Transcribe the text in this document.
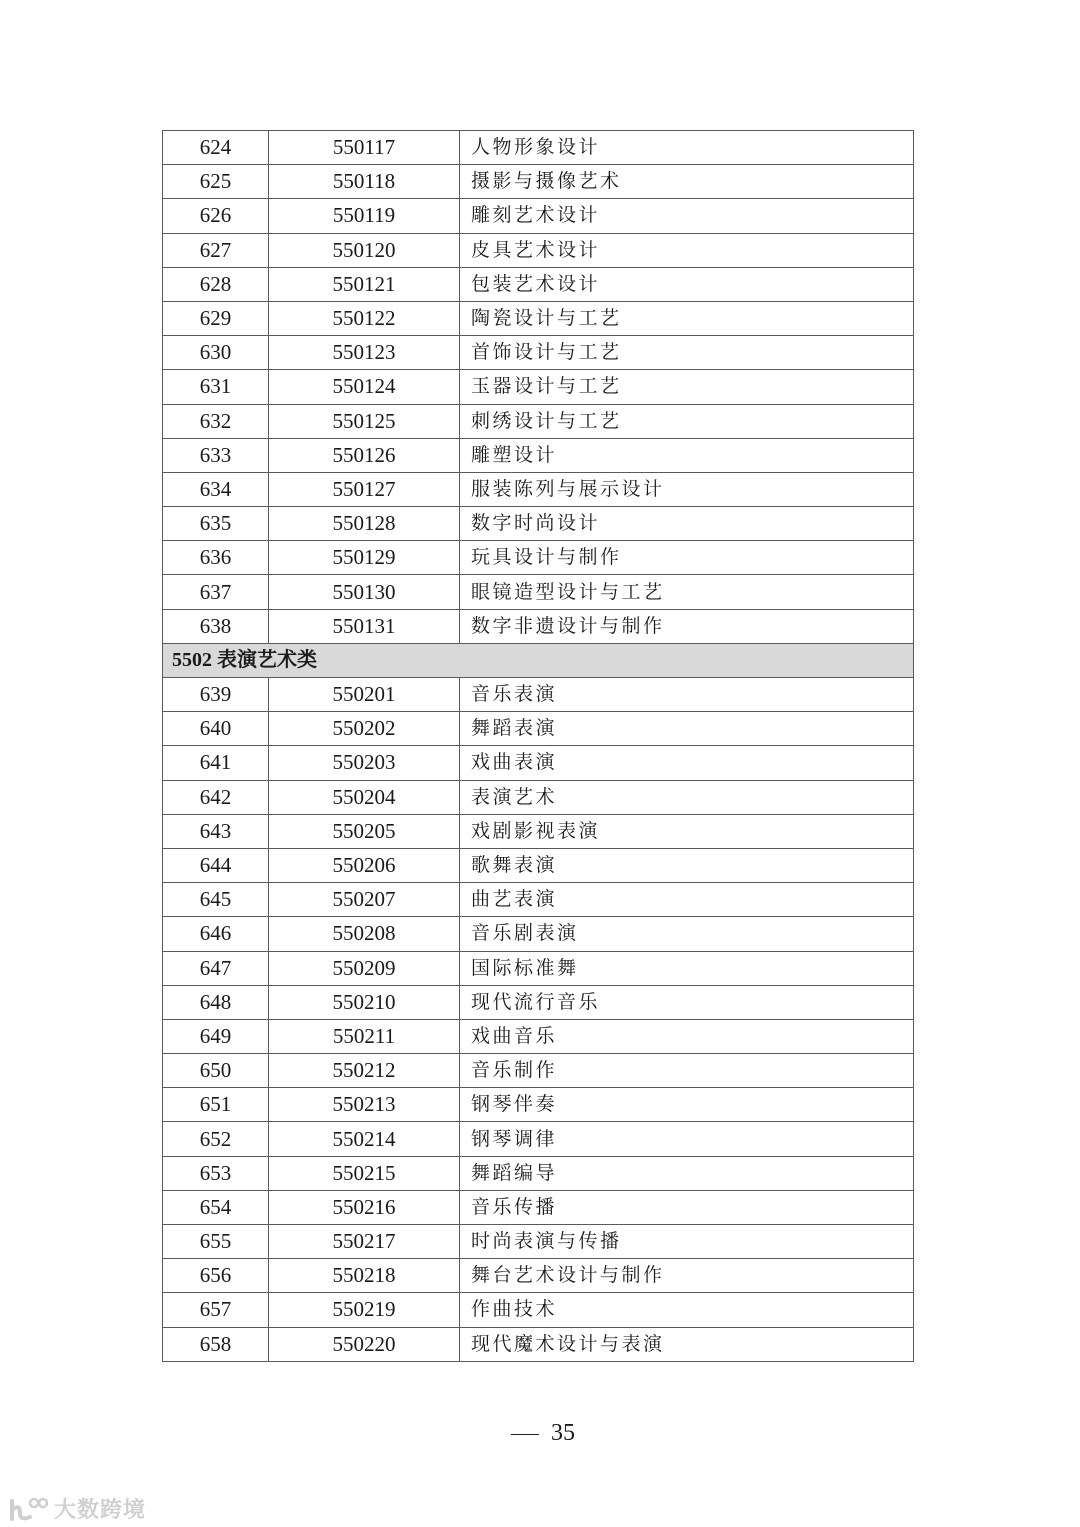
624	550117	人物形象设计
625	550118	摄影与摄像艺术
626	550119	雕刻艺术设计
627	550120	皮具艺术设计
628	550121	包装艺术设计
629	550122	陶瓷设计与工艺
630	550123	首饰设计与工艺
631	550124	玉器设计与工艺
632	550125	刺绣设计与工艺
633	550126	雕塑设计
634	550127	服装陈列与展示设计
635	550128	数字时尚设计
636	550129	玩具设计与制作
637	550130	眼镜造型设计与工艺
638	550131	数字非遗设计与制作
5502 表演艺术类		
639	550201	音乐表演
640	550202	舞蹈表演
641	550203	戏曲表演
642	550204	表演艺术
643	550205	戏剧影视表演
644	550206	歌舞表演
645	550207	曲艺表演
646	550208	音乐剧表演
647	550209	国际标准舞
648	550210	现代流行音乐
649	550211	戏曲音乐
650	550212	音乐制作
651	550213	钢琴伴奏
652	550214	钢琴调律
653	550215	舞蹈编导
654	550216	音乐传播
655	550217	时尚表演与传播
656	550218	舞台艺术设计与制作
657	550219	作曲技术
658	550220	现代魔术设计与表演
35
大数跨境
